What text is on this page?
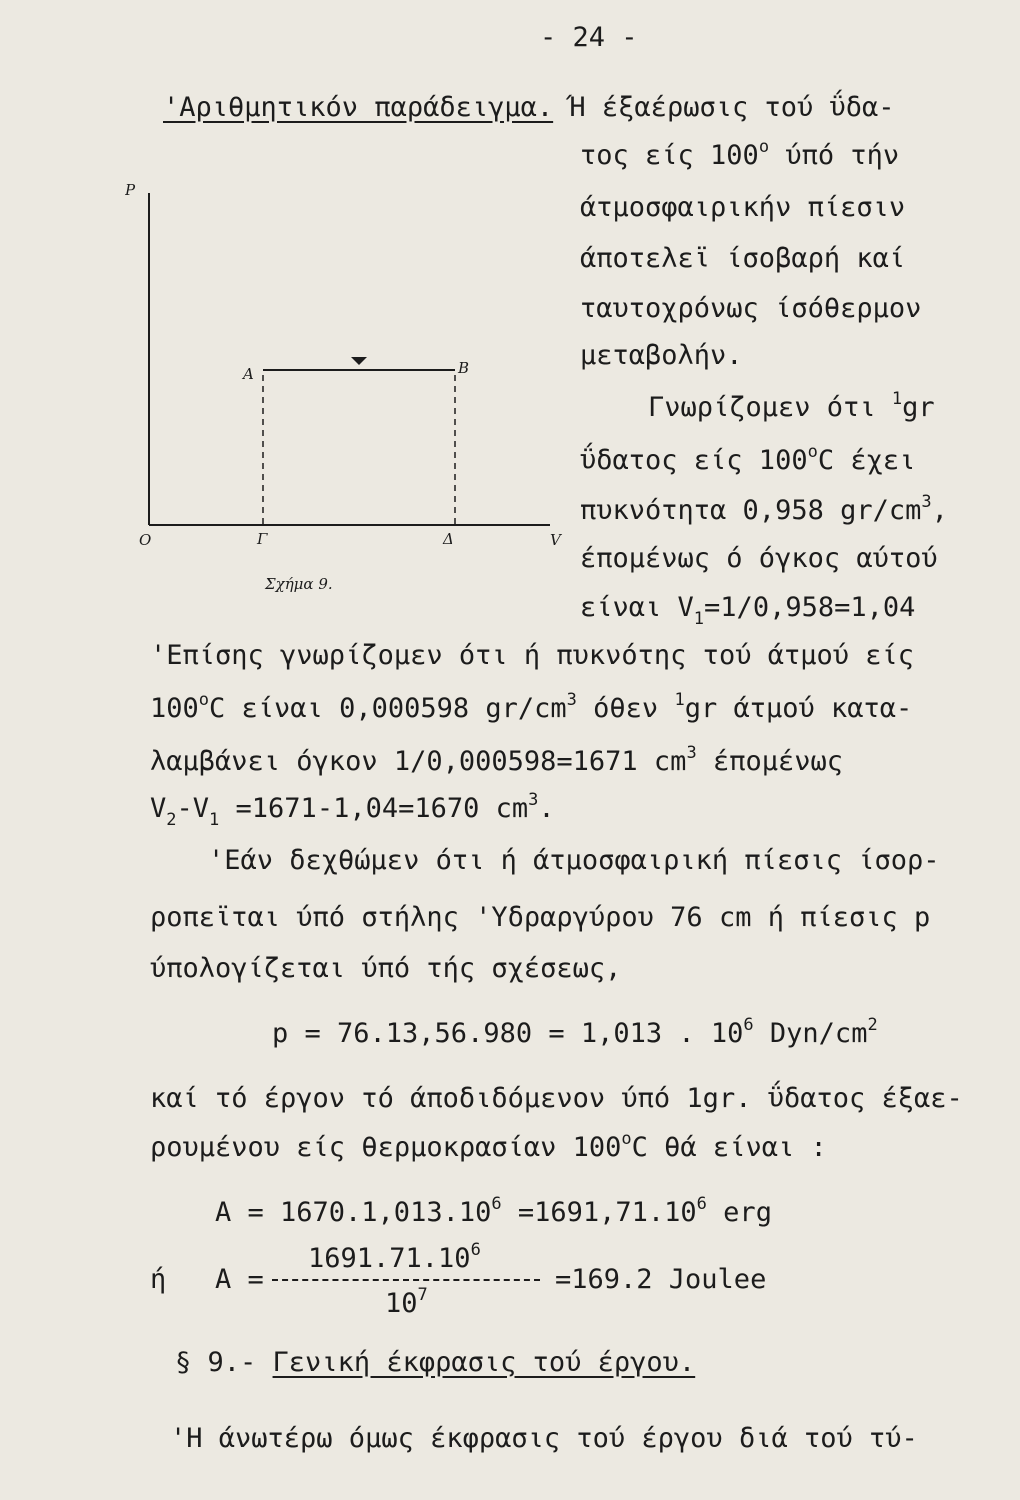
- 24 -
'Αριθμητικόν παράδειγμα. Ή έξαέρωσις τού ΰδα-
τος είς 100$^o$ ύπό τήν
άτμοσφαιρικήν πίεσιν
άποτελεϊ ίσοβαρή καί
ταυτοχρόνως ίσόθερμον
μεταβολήν.
Γνωρίζομεν ότι $^1$gr
ΰδατος είς 100$^o$C έχει
πυκνότητα 0,958 $gr/cm^3$,
έπομένως ό όγκος αύτού
είναι $V_1=1/0,958=1,04$
P
V
O
A	B
Γ	Δ
Σχήμα 9.
'Επίσης γνωρίζομεν ότι ή πυκνότης τού άτμού είς
100$^o$C είναι 0,000598 $gr/cm^3$ όθεν $^1$gr άτμού κατα-
λαμβάνει όγκον 1/0,000598=1671 $cm^3$ έπομένως
$V_2-V_1 =1671-1,04=1670$ $cm^3$.
'Εάν δεχθώμεν ότι ή άτμοσφαιρική πίεσις ίσορ-
ροπεϊται ύπό στήλης 'Υδραργύρου 76 cm ή πίεσις p
ύπολογίζεται ύπό τής σχέσεως,
p = 76.13,56.980 = 1,013 . $10^6$ Dyn/$cm^2$
καί τό έργον τό άποδιδόμενον ύπό 1gr. ΰδατος έξαε-
ρουμένου είς θερμοκρασίαν 100$^o$C θά είναι :
$A = 1670.1,013.10^6 =1691,71.10^6$ erg
ή A =
$1691.71.10^6$
$10^7$	=169.2 Joulee
§ 9.- Γενική έκφρασις τού έργου.
'Η άνωτέρω όμως έκφρασις τού έργου διά τού τύ-
